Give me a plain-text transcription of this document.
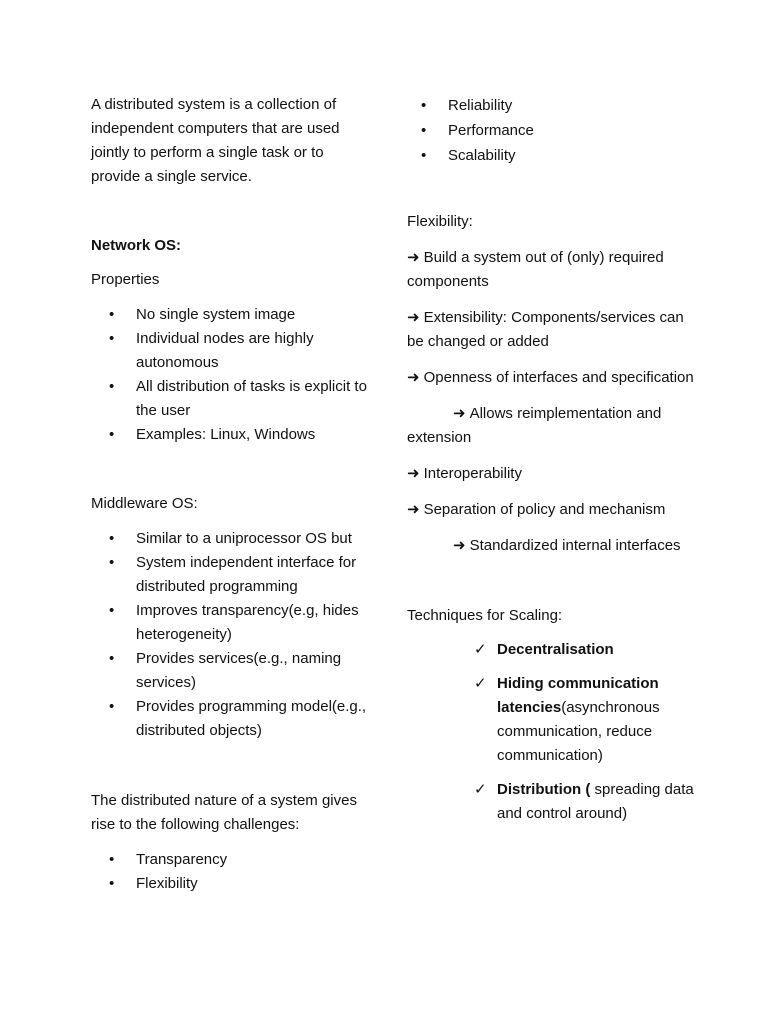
A distributed system is a collection of independent computers that are used jointly to perform a single task or to provide a single service.

Network OS:

Properties

• No single system image
• Individual nodes are highly autonomous
• All distribution of tasks is explicit to the user
• Examples: Linux, Windows

Middleware OS:

• Similar to a uniprocessor OS but
• System independent interface for distributed programming
• Improves transparency(e.g, hides heterogeneity)
• Provides services(e.g., naming services)
• Provides programming model(e.g., distributed objects)

The distributed nature of a system gives rise to the following challenges:

• Transparency
• Flexibility
• Reliability
• Performance
• Scalability

Flexibility:

➜ Build a system out of (only) required components

➜ Extensibility: Components/services can be changed or added

➜ Openness of interfaces and specification

➜ Allows reimplementation and extension

➜ Interoperability

➜ Separation of policy and mechanism

➜ Standardized internal interfaces

Techniques for Scaling:

✓ Decentralisation
✓ Hiding communication latencies(asynchronous communication, reduce communication)
✓ Distribution ( spreading data and control around)
